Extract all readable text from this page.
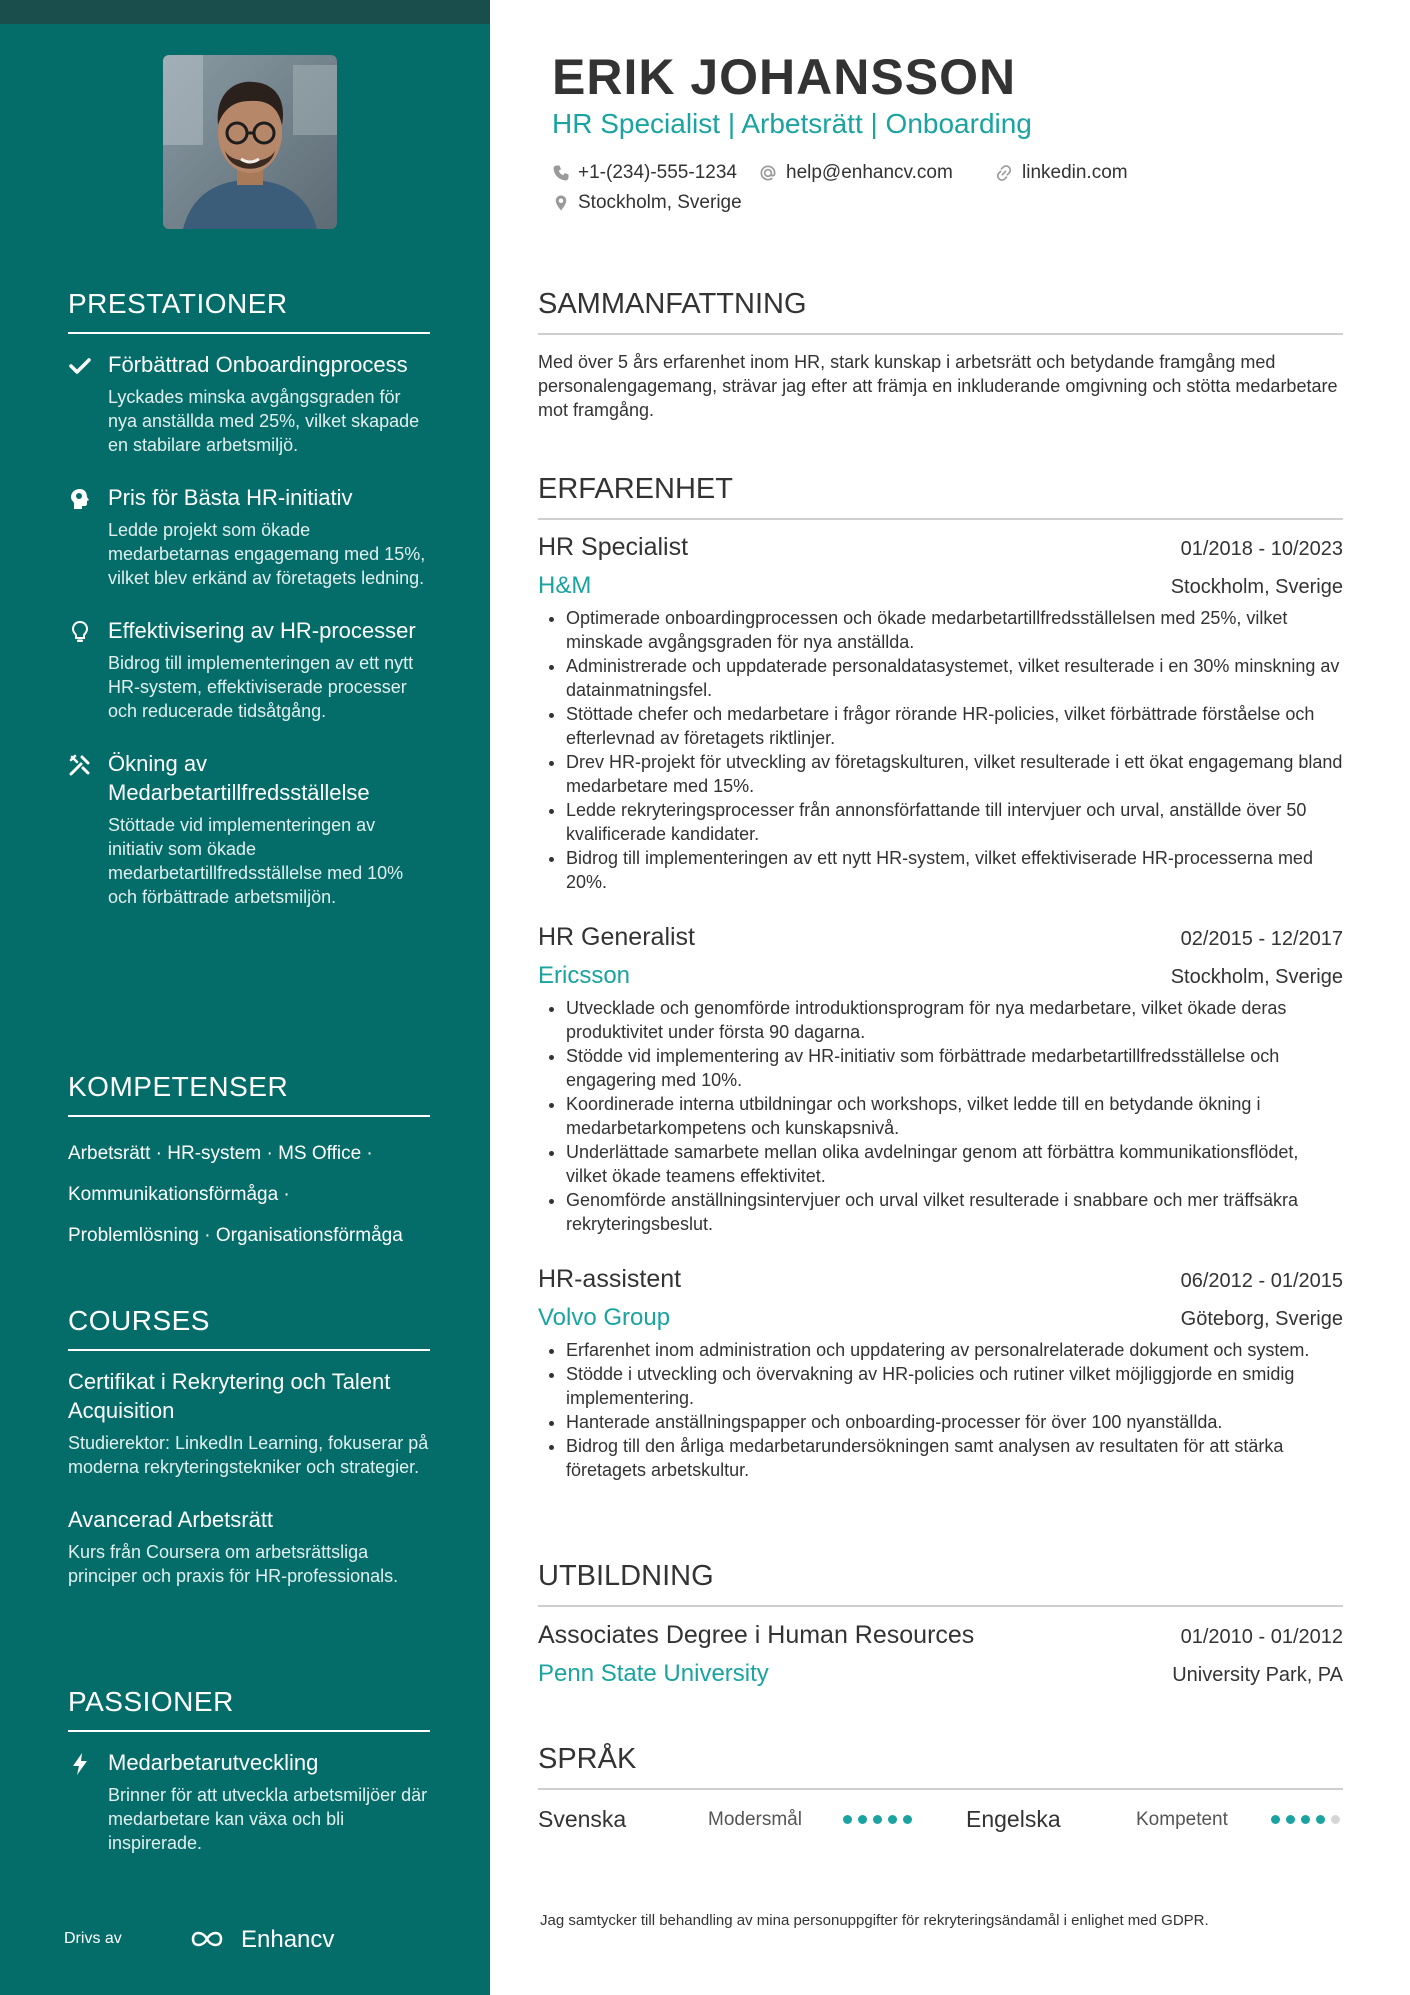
PRESTATIONER
Förbättrad Onboardingprocess
Lyckades minska avgångsgraden för nya anställda med 25%, vilket skapade en stabilare arbetsmiljö.
Pris för Bästa HR-initiativ
Ledde projekt som ökade medarbetarnas engagemang med 15%, vilket blev erkänd av företagets ledning.
Effektivisering av HR-processer
Bidrog till implementeringen av ett nytt HR-system, effektiviserade processer och reducerade tidsåtgång.
Ökning av Medarbetartillfredsställelse
Stöttade vid implementeringen av initiativ som ökade medarbetartillfredsställelse med 10% och förbättrade arbetsmiljön.
KOMPETENSER
Arbetsrätt · HR-system · MS Office ·
Kommunikationsförmåga ·
Problemlösning · Organisationsförmåga
COURSES
Certifikat i Rekrytering och Talent Acquisition
Studierektor: LinkedIn Learning, fokuserar på moderna rekryteringstekniker och strategier.
Avancerad Arbetsrätt
Kurs från Coursera om arbetsrättsliga principer och praxis för HR-professionals.
PASSIONER
Medarbetarutveckling
Brinner för att utveckla arbetsmiljöer där medarbetare kan växa och bli inspirerade.
Drivs av	Enhancv
ERIK JOHANSSON
HR Specialist | Arbetsrätt | Onboarding
+1-(234)-555-1234	help@enhancv.com	linkedin.com
Stockholm, Sverige
SAMMANFATTNING
Med över 5 års erfarenhet inom HR, stark kunskap i arbetsrätt och betydande framgång med personalengagemang, strävar jag efter att främja en inkluderande omgivning och stötta medarbetare mot framgång.
ERFARENHET
HR Specialist	01/2018 - 10/2023
H&M	Stockholm, Sverige
• Optimerade onboardingprocessen och ökade medarbetartillfredsställelsen med 25%, vilket minskade avgångsgraden för nya anställda.
• Administrerade och uppdaterade personaldatasystemet, vilket resulterade i en 30% minskning av datainmatningsfel.
• Stöttade chefer och medarbetare i frågor rörande HR-policies, vilket förbättrade förståelse och efterlevnad av företagets riktlinjer.
• Drev HR-projekt för utveckling av företagskulturen, vilket resulterade i ett ökat engagemang bland medarbetare med 15%.
• Ledde rekryteringsprocesser från annonsförfattande till intervjuer och urval, anställde över 50 kvalificerade kandidater.
• Bidrog till implementeringen av ett nytt HR-system, vilket effektiviserade HR-processerna med 20%.
HR Generalist	02/2015 - 12/2017
Ericsson	Stockholm, Sverige
• Utvecklade och genomförde introduktionsprogram för nya medarbetare, vilket ökade deras produktivitet under första 90 dagarna.
• Stödde vid implementering av HR-initiativ som förbättrade medarbetartillfredsställelse och engagering med 10%.
• Koordinerade interna utbildningar och workshops, vilket ledde till en betydande ökning i medarbetarkompetens och kunskapsnivå.
• Underlättade samarbete mellan olika avdelningar genom att förbättra kommunikationsflödet, vilket ökade teamens effektivitet.
• Genomförde anställningsintervjuer och urval vilket resulterade i snabbare och mer träffsäkra rekryteringsbeslut.
HR-assistent	06/2012 - 01/2015
Volvo Group	Göteborg, Sverige
• Erfarenhet inom administration och uppdatering av personalrelaterade dokument och system.
• Stödde i utveckling och övervakning av HR-policies och rutiner vilket möjliggjorde en smidig implementering.
• Hanterade anställningspapper och onboarding-processer för över 100 nyanställda.
• Bidrog till den årliga medarbetarundersökningen samt analysen av resultaten för att stärka företagets arbetskultur.
UTBILDNING
Associates Degree i Human Resources	01/2010 - 01/2012
Penn State University	University Park, PA
SPRÅK
Svenska	Modersmål	Engelska	Kompetent
Jag samtycker till behandling av mina personuppgifter för rekryteringsändamål i enlighet med GDPR.
